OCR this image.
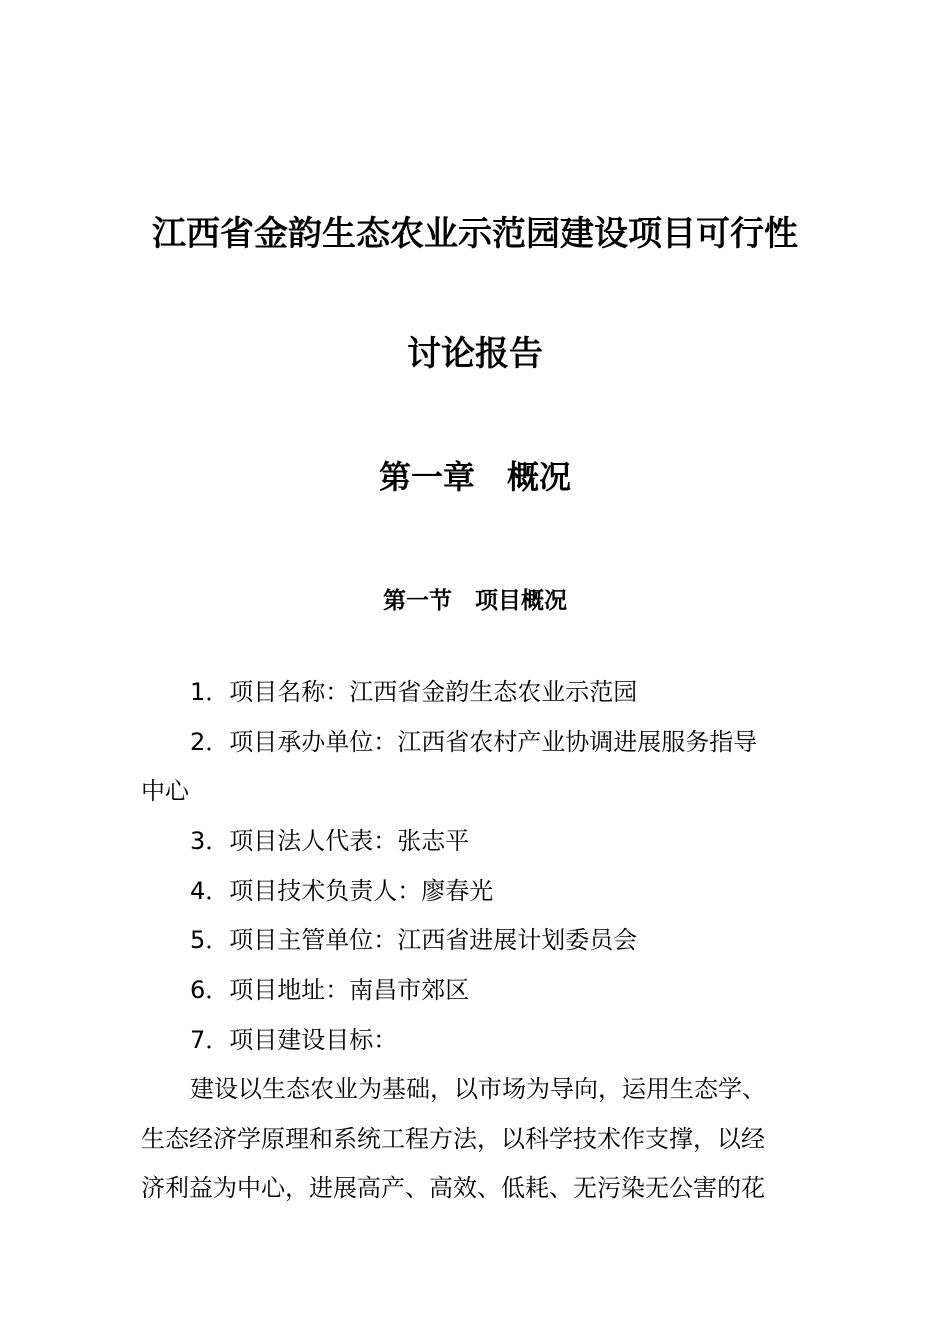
江西省金韵生态农业示范园建设项目可行性
讨论报告
第一章　概况
第一节　项目概况
1．项目名称：江西省金韵生态农业示范园
2．项目承办单位：江西省农村产业协调进展服务指导
中心
3．项目法人代表：张志平
4．项目技术负责人：廖春光
5．项目主管单位：江西省进展计划委员会
6．项目地址：南昌市郊区
7．项目建设目标：
建设以生态农业为基础，以市场为导向，运用生态学、
生态经济学原理和系统工程方法，以科学技术作支撑，以经
济利益为中心，进展高产、高效、低耗、无污染无公害的花
